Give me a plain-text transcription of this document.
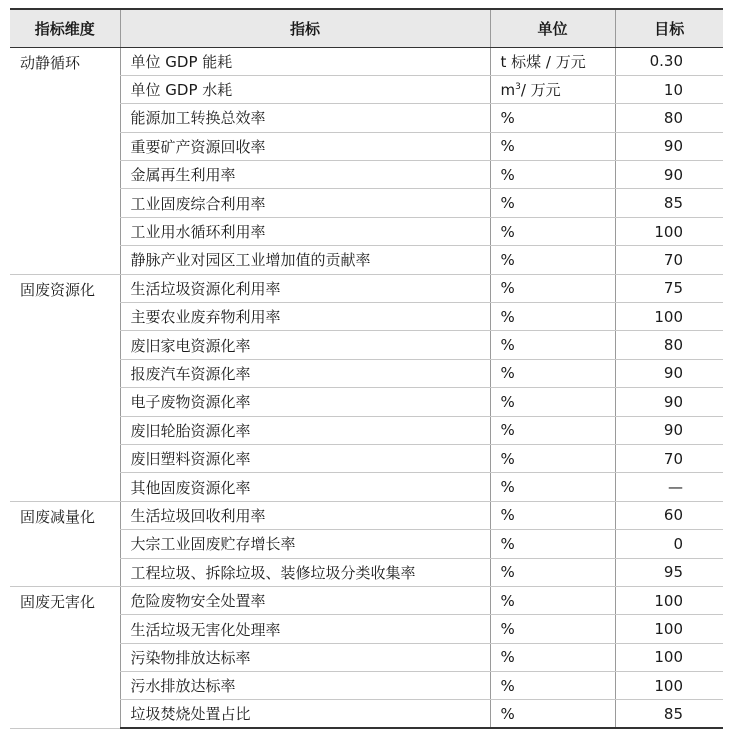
指标维度	指标	单位	目标
动静循环	单位 GDP 能耗	t 标煤 / 万元	0.30
	单位 GDP 水耗	$m^3/$ 万元	10
	能源加工转换总效率	%	80
	重要矿产资源回收率	%	90
	金属再生利用率	%	90
	工业固废综合利用率	%	85
	工业用水循环利用率	%	100
	静脉产业对园区工业增加值的贡献率	%	70
固废资源化	生活垃圾资源化利用率	%	75
	主要农业废弃物利用率	%	100
	废旧家电资源化率	%	80
	报废汽车资源化率	%	90
	电子废物资源化率	%	90
	废旧轮胎资源化率	%	90
	废旧塑料资源化率	%	70
	其他固废资源化率	%	—
固废减量化	生活垃圾回收利用率	%	60
	大宗工业固废贮存增长率	%	0
	工程垃圾、拆除垃圾、装修垃圾分类收集率	%	95
固废无害化	危险废物安全处置率	%	100
	生活垃圾无害化处理率	%	100
	污染物排放达标率	%	100
	污水排放达标率	%	100
	垃圾焚烧处置占比	%	85
